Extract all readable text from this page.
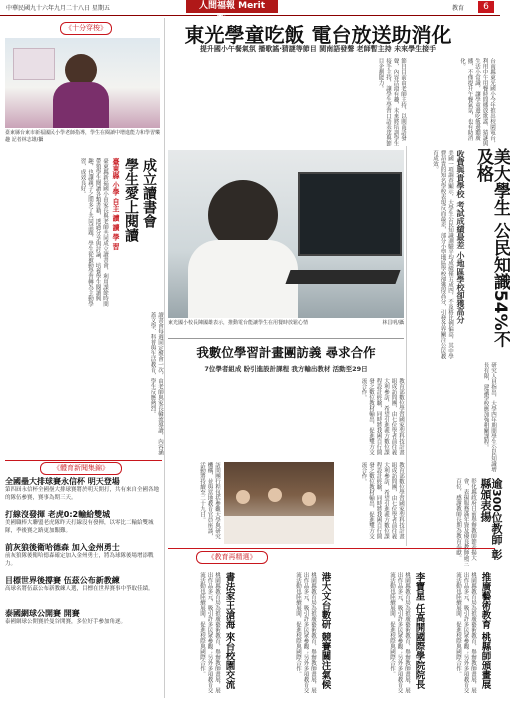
中華民國九十六年九月二十八日 星期五	人間福報 Merit Times
教育	6
《十分穿梭》
臺東縣台東市新福國民小學老師指導，學生在閱讀中增進能力和學習樂趣 記者林志雄/攝
成立讀書會
學生愛上閱讀
臺東縣 小學 自主 讀 讀 學 習
臺東縣新福國小由家長與老師共同成立讀書會，利用課餘時間帶領學生閱讀各類書籍，透過分享與討論，培養學生閱讀興趣，也讓親子之間多了共同話題，學生從被動學習轉為主動學習，成效良好。
讀書會每週固定聚會一次，由老師與家長輪流導讀，內容涵蓋文學、科普與生活教育，學生反應熱烈。
東光學童吃飯 電台放送助消化
提升國小午餐氣氛 播歌謠‧猜謎等節目 閩南語發聲 老師暫主持 未來學生接手
台南縣東光國小今年推出校園電台，利用中午用餐時間播放歌謠、猜謎與生活小常識，讓學童邊吃飯邊聽廣播，不僅提升午餐氣氛，也有助消化。
節目目前由老師主持，以閩南語發聲，內容活潑有趣，未來將培訓學生接手主持，讓學生學習口語表達與節目企劃能力。
東光國小校長陳國雄表示，推動電台能讓學生在用餐時放鬆心情	林昌明/攝
我數位學習計畫團訪義 尋求合作
7位學者組成 盼引進設計課程 我方輸出教材 活動至29日
教育部數位學習國家型科技計畫組成訪問團，由七位學者前往義大利參訪，希望引進義方數位課程設計經驗，同時將我國自行開發之數位教材輸出，促進雙方交流合作。
訪問團行程包括參觀大學與研究機構，並與當地教育官員座談，活動將持續至二十九日。	教育部數位學習國家型科技計畫組成訪問團，由七位學者前往義大利參訪，希望引進義方數位課程設計經驗，同時將我國自行開發之數位教材輸出，促進雙方交流合作。
美大學生 公民知識54%不及格
收費與貴學校 考試成績最差 小地區學校卻獲高分
美國一項調查顯示，大學生公民知識測驗平均成績僅五成四，不及格比例偏高，其中學費昂貴的知名學校表現反而最差，部分小型地區學校卻獲得高分，引發各界關注公民教育成效。
研究人員指出，大學四年期間學生公民知識增長有限，建議學校應加強相關課程。
逾300位教師 彰縣頒表揚
彰化縣政府日前舉辦教師節表揚大會，表揚服務滿年資及優良教師逾三百位，感謝教師長期為教育奉獻。
《體育新聞集錦》
全國壘大排球賽永信杯 明天登場
第四屆永信杯全國壘大排球賽將於明天開打，共有來自全國各地的隊伍參賽，賽事為期三天。
打線沒發揮 老虎0:2輸給雙城
美國職棒大聯盟老虎隊昨天打線沒有發揮，以零比二輸給雙城隊，季後賽之路更加艱難。
前灰狼後衛哈德森 加入金州勇士
前灰狼隊後衛哈德森確定加入金州勇士，將為球隊後場增添戰力。
目標世界後撐賽 伍茲公布新教練
高球名將伍茲公布新教練人選，目標在世界賽事中爭取佳績。
泰國網球公開賽 開賽
泰國網球公開賽於曼谷開賽，多位好手參加角逐。
《教育再精選》
推廣藝術教育 桃縣師頒畫展
桃園縣教育局為推廣藝術教育，舉辦教師畫展，展出作品多元，吸引許多民眾參觀；另外多項教育交流活動也陸續展開，促進校際與國際合作。
李寶星 任高開國際學院院長
桃園縣教育局為推廣藝術教育，舉辦教師畫展，展出作品多元，吸引許多民眾參觀；另外多項教育交流活動也陸續展開，促進校際與國際合作。
港大文台數研 競賽關注氣候
桃園縣教育局為推廣藝術教育，舉辦教師畫展，展出作品多元，吸引許多民眾參觀；另外多項教育交流活動也陸續展開，促進校際與國際合作。
書法家王滄海 來台校園交流
桃園縣教育局為推廣藝術教育，舉辦教師畫展，展出作品多元，吸引許多民眾參觀；另外多項教育交流活動也陸續展開，促進校際與國際合作。
